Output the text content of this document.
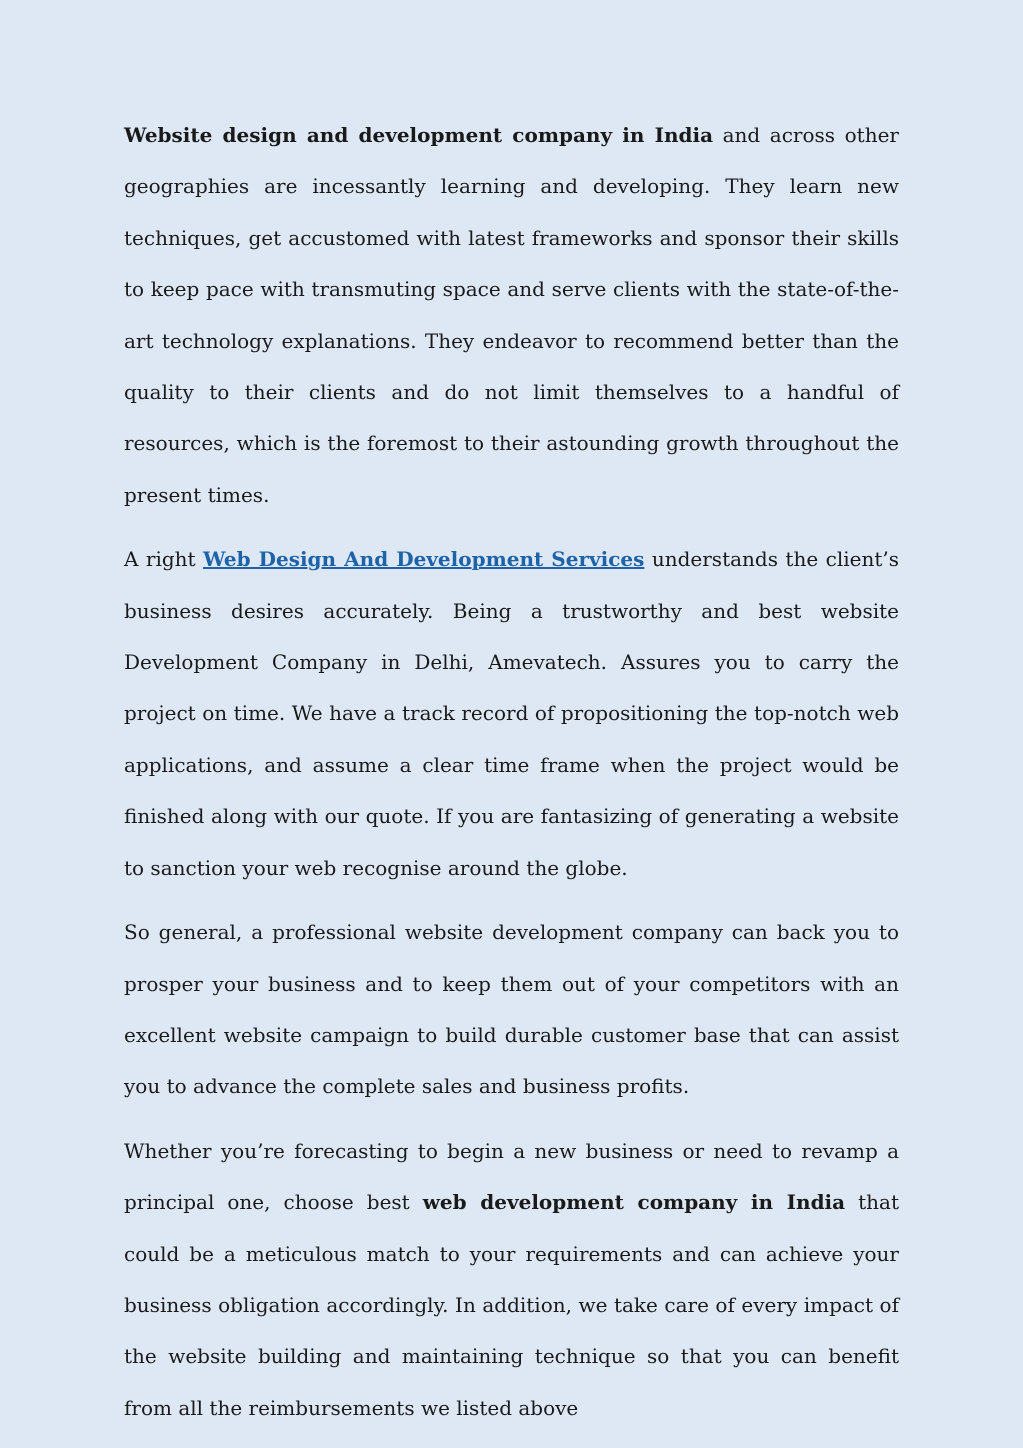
Website design and development company in India and across other geographies are incessantly learning and developing. They learn new techniques, get accustomed with latest frameworks and sponsor their skills to keep pace with transmuting space and serve clients with the state-of-the-art technology explanations. They endeavor to recommend better than the quality to their clients and do not limit themselves to a handful of resources, which is the foremost to their astounding growth throughout the present times.

A right Web Design And Development Services understands the client’s business desires accurately. Being a trustworthy and best website Development Company in Delhi, Amevatech. Assures you to carry the project on time. We have a track record of propositioning the top-notch web applications, and assume a clear time frame when the project would be finished along with our quote. If you are fantasizing of generating a website to sanction your web recognise around the globe.

So general, a professional website development company can back you to prosper your business and to keep them out of your competitors with an excellent website campaign to build durable customer base that can assist you to advance the complete sales and business profits.

Whether you’re forecasting to begin a new business or need to revamp a principal one, choose best web development company in India that could be a meticulous match to your requirements and can achieve your business obligation accordingly. In addition, we take care of every impact of the website building and maintaining technique so that you can benefit from all the reimbursements we listed above
